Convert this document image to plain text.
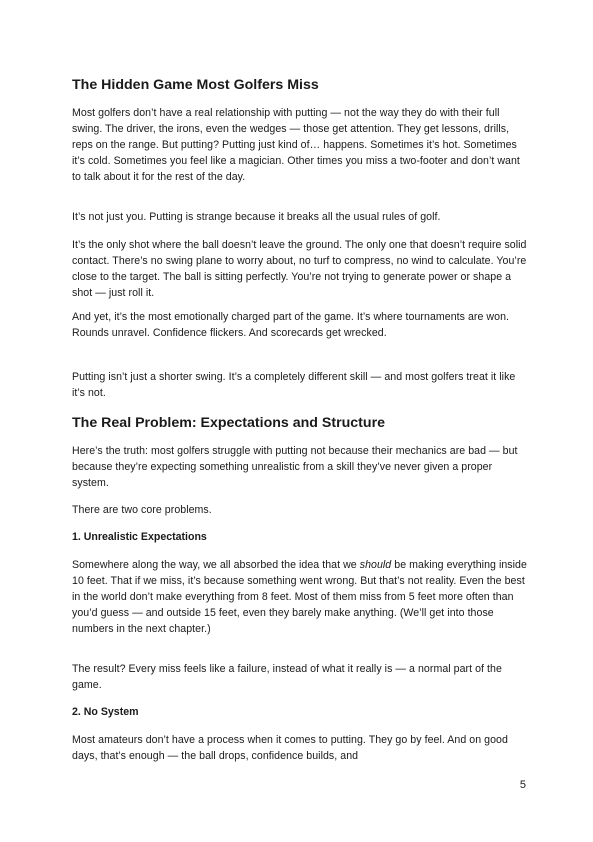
The Hidden Game Most Golfers Miss

Most golfers don’t have a real relationship with putting — not the way they do with their full swing. The driver, the irons, even the wedges — those get attention. They get lessons, drills, reps on the range. But putting? Putting just kind of… happens. Sometimes it’s hot. Sometimes it’s cold. Sometimes you feel like a magician. Other times you miss a two-footer and don’t want to talk about it for the rest of the day.

It’s not just you. Putting is strange because it breaks all the usual rules of golf.

It’s the only shot where the ball doesn’t leave the ground. The only one that doesn’t require solid contact. There’s no swing plane to worry about, no turf to compress, no wind to calculate. You’re close to the target. The ball is sitting perfectly. You’re not trying to generate power or shape a shot — just roll it.

And yet, it’s the most emotionally charged part of the game. It’s where tournaments are won. Rounds unravel. Confidence flickers. And scorecards get wrecked.

Putting isn’t just a shorter swing. It’s a completely different skill — and most golfers treat it like it’s not.

The Real Problem: Expectations and Structure

Here’s the truth: most golfers struggle with putting not because their mechanics are bad — but because they’re expecting something unrealistic from a skill they’ve never given a proper system.

There are two core problems.

1. Unrealistic Expectations

Somewhere along the way, we all absorbed the idea that we should be making everything inside 10 feet. That if we miss, it’s because something went wrong. But that’s not reality. Even the best in the world don’t make everything from 8 feet. Most of them miss from 5 feet more often than you’d guess — and outside 15 feet, even they barely make anything. (We’ll get into those numbers in the next chapter.)

The result? Every miss feels like a failure, instead of what it really is — a normal part of the game.

2. No System

Most amateurs don’t have a process when it comes to putting. They go by feel. And on good days, that’s enough — the ball drops, confidence builds, and

5
